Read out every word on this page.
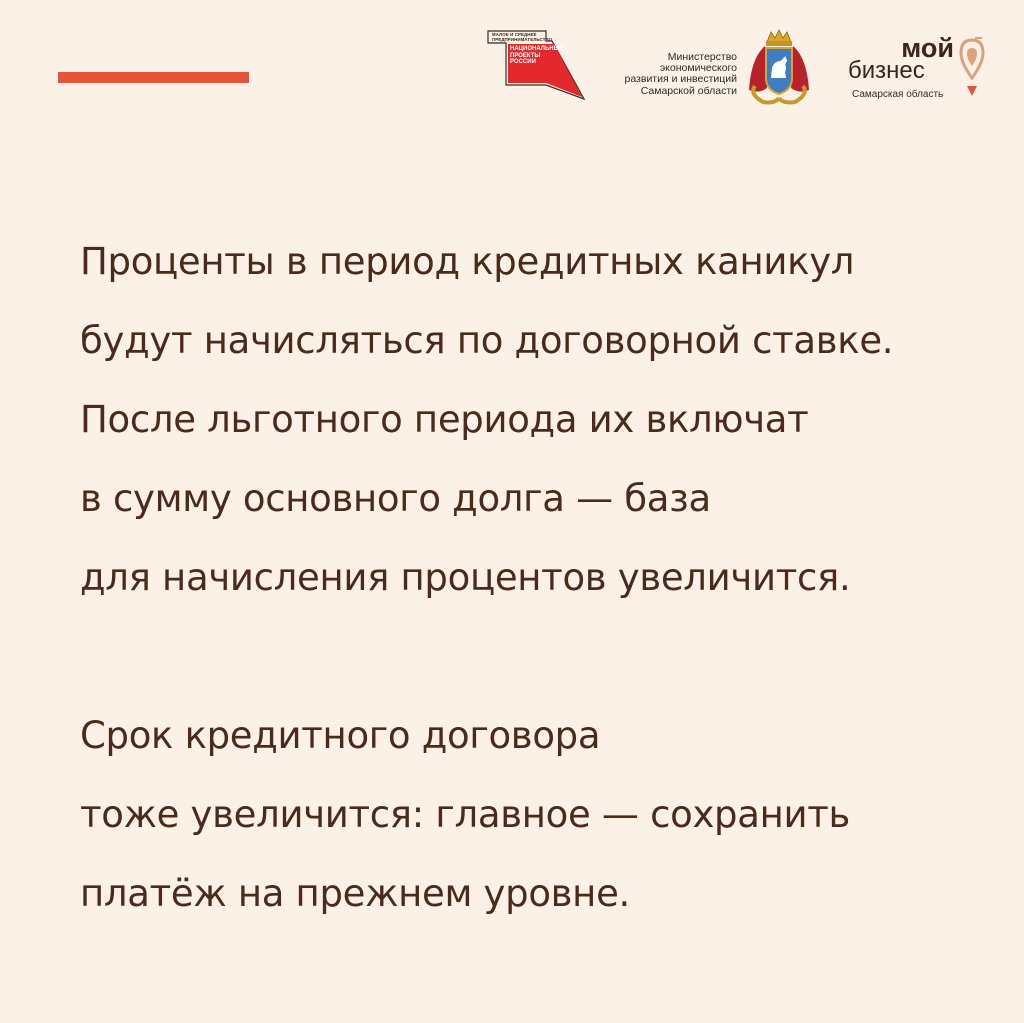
МАЛОЕ И СРЕДНЕЕ
ПРЕДПРИНИМАТЕЛЬСТВО
НАЦИОНАЛЬНЫЕ
ПРОЕКТЫ
РОССИИ	Министерство
экономического
развития и инвестиций
Самарской области
мой
бизнес
Самарская область
Проценты в период кредитных каникул
будут начисляться по договорной ставке.
После льготного периода их включат
в сумму основного долга — база
для начисления процентов увеличится.
Срок кредитного договора
тоже увеличится: главное — сохранить
платёж на прежнем уровне.
